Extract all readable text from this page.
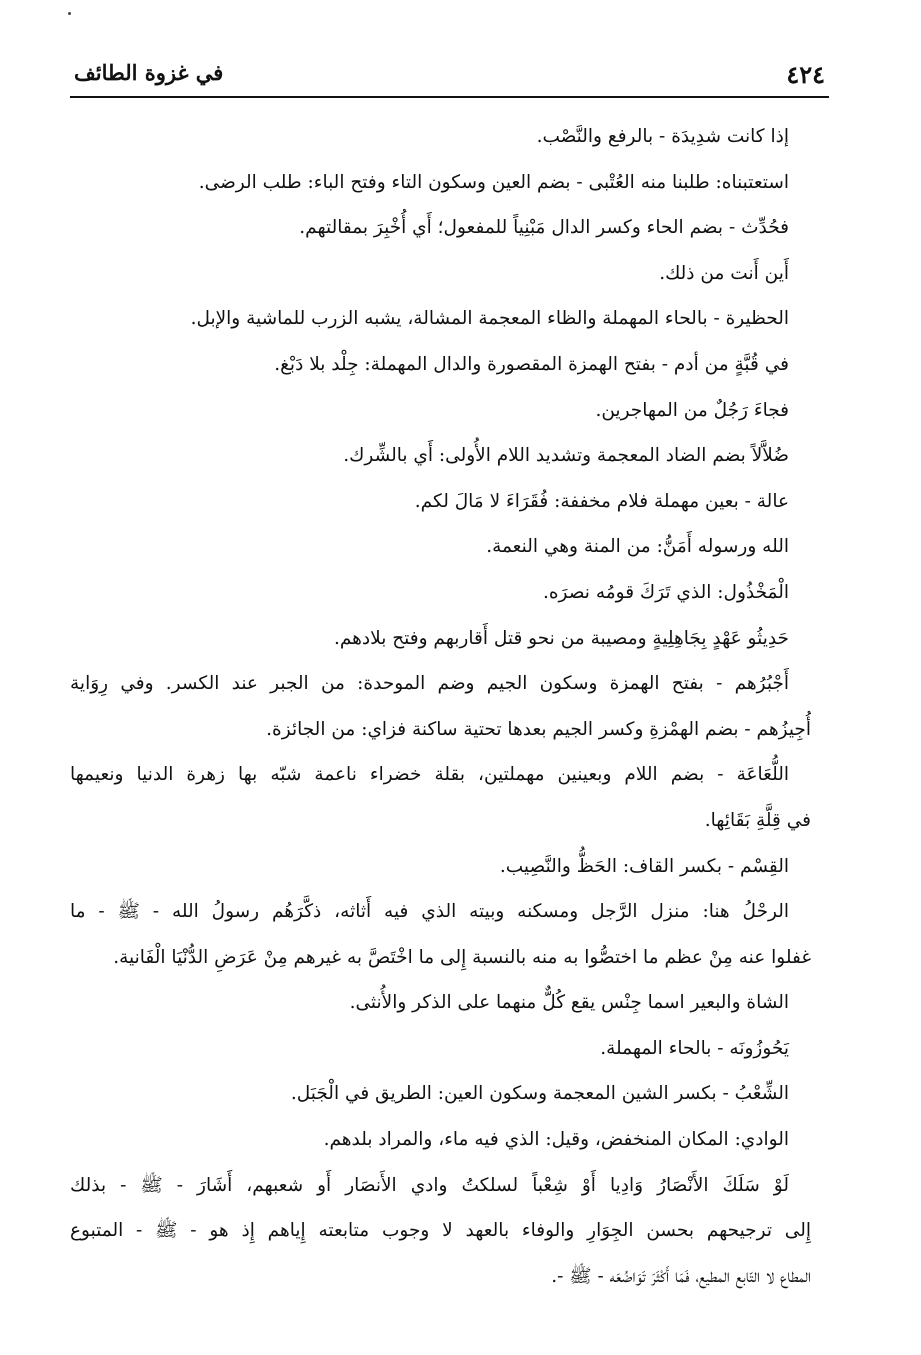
٤٢٤
في غزوة الطائف
إذا كانت شدِيدَة - بالرفع والنَّصْب.
استعتبناه: طلبنا منه العُتْبى - بضم العين وسكون التاء وفتح الباء: طلب الرضى.
فحُدِّث - بضم الحاء وكسر الدال مَبْنِياً للمفعول؛ أَي أُخْبِرَ بمقالتهم.
أَين أَنت من ذلك.
الحظيرة - بالحاء المهملة والظاء المعجمة المشالة، يشبه الزرب للماشية والإبل.
في قُبَّةٍ من أدم - بفتح الهمزة المقصورة والدال المهملة: جِلْد بلا دَبْغ.
فجاءَ رَجُلٌ من المهاجرين.
ضُلاَّلاً بضم الضاد المعجمة وتشديد اللام الأُولى: أَي بالشِّرك.
عالة - بعين مهملة فلام مخففة: فُقَرَاءَ لا مَالَ لكم.
الله ورسوله أَمَنُّ: من المنة وهي النعمة.
الْمَخْذُول: الذي تَرَكَ قومُه نصرَه.
حَدِيثُو عَهْدٍ بِجَاهِلِيةٍ ومصيبة من نحو قتل أَقاربهم وفتح بلادهم.
أَجْبُرُهم - بفتح الهمزة وسكون الجيم وضم الموحدة: من الجبر عند الكسر. وفي رِوَاية
أُجِيزُهم - بضم الهمْزةِ وكسر الجيم بعدها تحتية ساكنة فزاي: من الجائزة.
اللُّعَاعَة - بضم اللام وبعينين مهملتين، بقلة خضراء ناعمة شبّه بها زهرة الدنيا ونعيمها
في قِلَّةِ بَقَائِها.
القِسْم - بكسر القاف: الحَظُّ والنَّصِيب.
الرحْلُ هنا: منزل الرَّجل ومسكنه وبيته الذي فيه أَثاثه، ذكَّرَهُم رسولُ الله - ﷺ - ما
غفلوا عنه مِنْ عظم ما اختصُّوا به منه بالنسبة إِلى ما اخْتَصَّ به غيرهم مِنْ عَرَضِ الدُّنْيَا الْفَانية.
الشاة والبعير اسما جِنْس يقع كُلٌّ منهما على الذكر والأُنثى.
يَحُوزُونَه - بالحاء المهملة.
الشِّعْبُ - بكسر الشين المعجمة وسكون العين: الطريق في الْجَبَل.
الوادي: المكان المنخفض، وقيل: الذي فيه ماء، والمراد بلدهم.
لَوْ سَلَكَ الأَنْصَارُ وَادِيا أَوْ شِعْباً لسلكتُ وادي الأَنصَار أَو شعبهم، أَشَارَ - ﷺ - بذلك
إِلى ترجيحهم بحسن الجِوَارِ والوفاء بالعهد لا وجوب متابعته إِياهم إِذ هو - ﷺ - المتبوع
المطاع لا التّابع المطيع، فَمَا أَكْثَرَ تَوَاضُعَه - ﷺ -.
